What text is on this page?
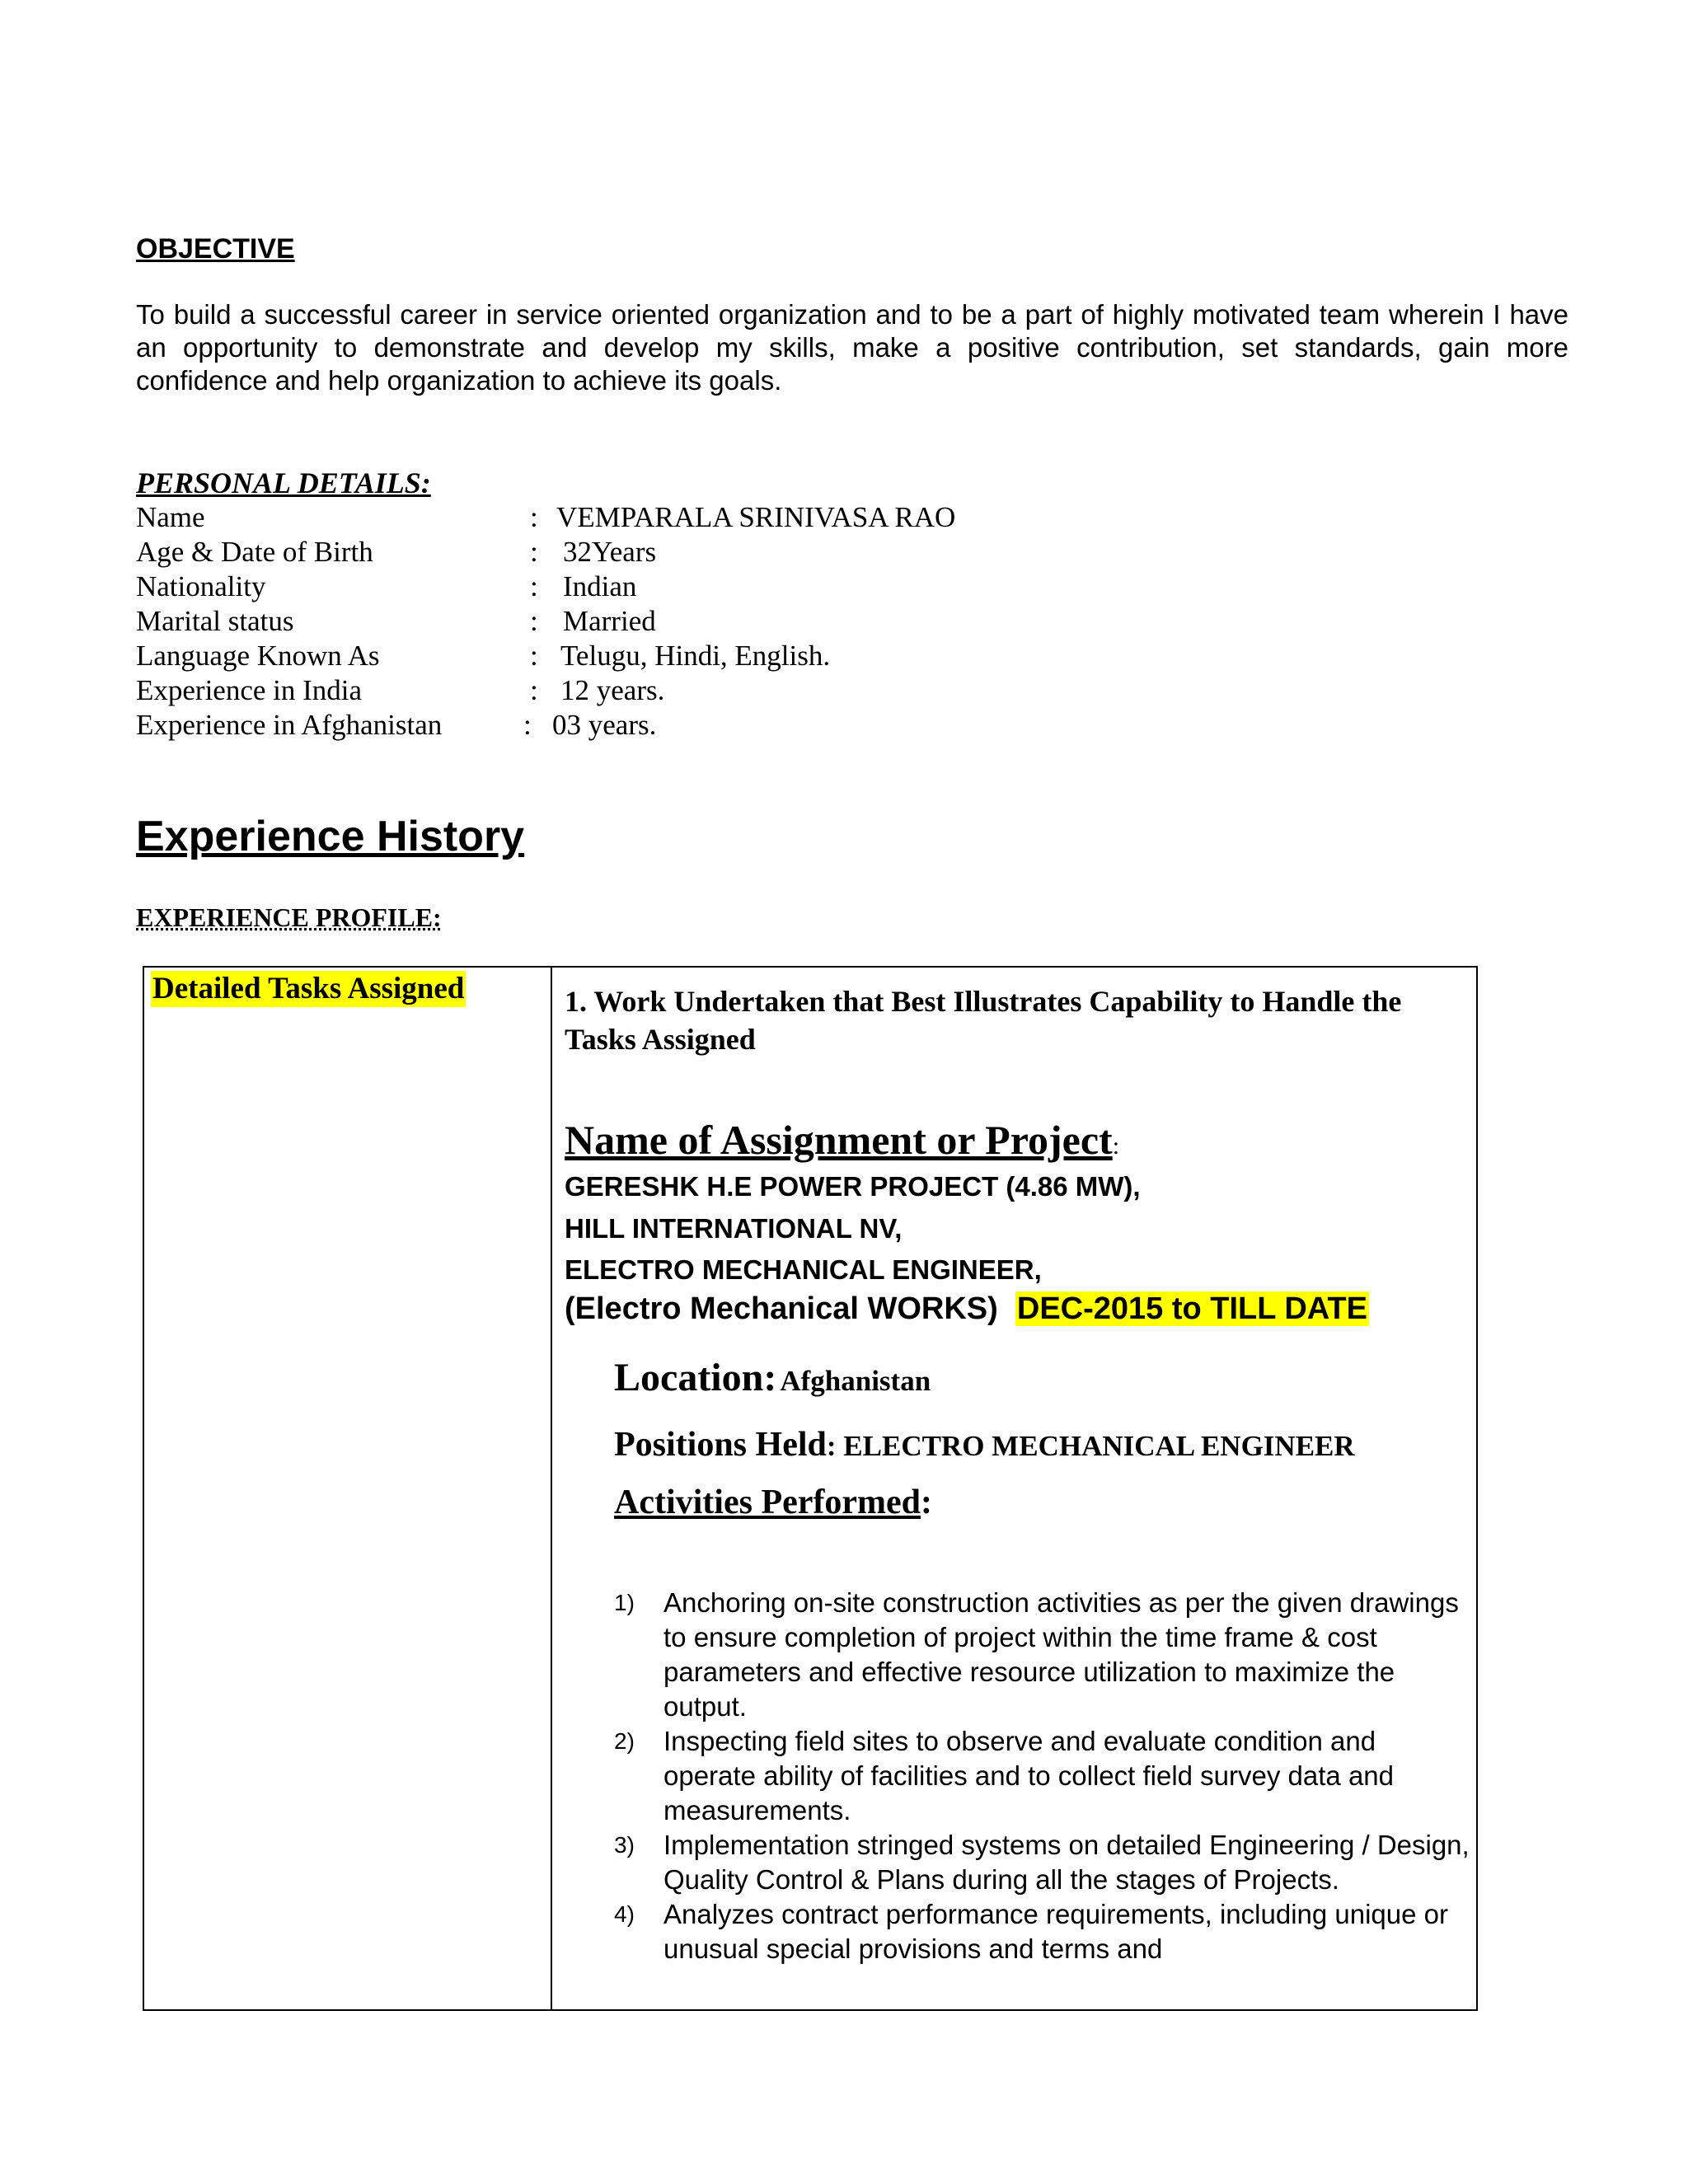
OBJECTIVE
To build a successful career in service oriented organization and to be a part of highly motivated team wherein I have an opportunity to demonstrate and develop my skills, make a positive contribution, set standards, gain more confidence and help organization to achieve its goals.
PERSONAL DETAILS:
Name	: VEMPARALA SRINIVASA RAO
Age & Date of Birth	: 32Years
Nationality	: Indian
Marital status	: Married
Language Known As	: Telugu, Hindi, English.
Experience in India	: 12 years.
Experience in Afghanistan	: 03 years.
Experience History
EXPERIENCE PROFILE:
Detailed Tasks Assigned	1. Work Undertaken that Best Illustrates Capability to Handle the Tasks Assigned
Name of Assignment or Project:
GERESHK H.E POWER PROJECT (4.86 MW),
HILL INTERNATIONAL NV,
ELECTRO MECHANICAL ENGINEER,
(Electro Mechanical WORKS) DEC-2015 to TILL DATE
Location: Afghanistan
Positions Held: ELECTRO MECHANICAL ENGINEER
Activities Performed:
1) Anchoring on-site construction activities as per the given drawings to ensure completion of project within the time frame & cost parameters and effective resource utilization to maximize the output.
2) Inspecting field sites to observe and evaluate condition and operate ability of facilities and to collect field survey data and measurements.
3) Implementation stringed systems on detailed Engineering / Design, Quality Control & Plans during all the stages of Projects.
4) Analyzes contract performance requirements, including unique or unusual special provisions and terms and
